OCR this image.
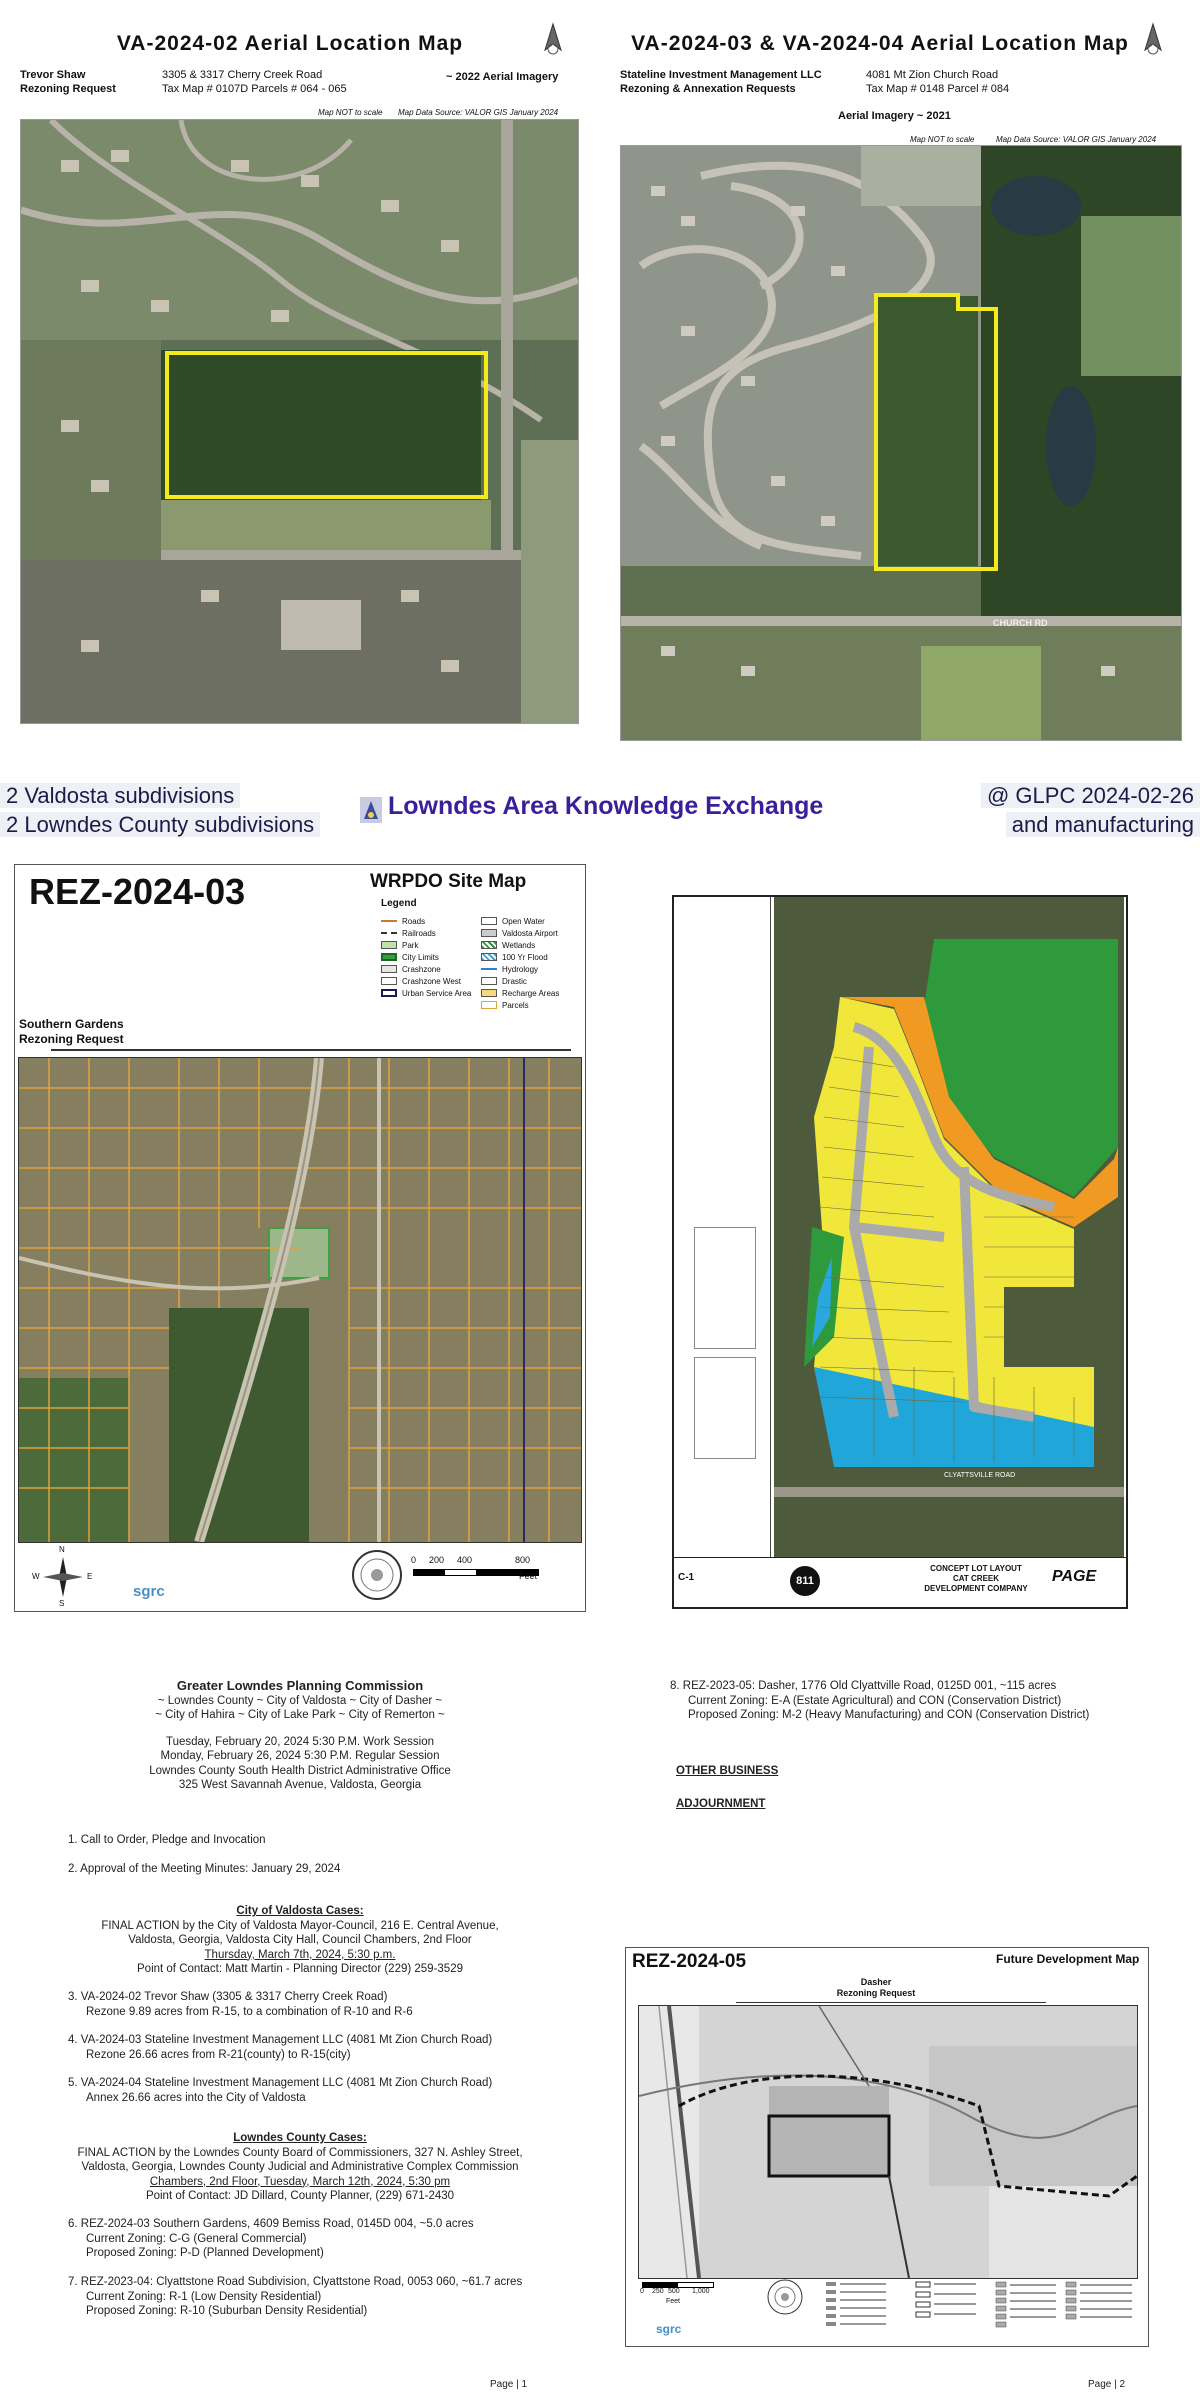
VA-2024-02 Aerial Location Map
Trevor Shaw
Rezoning Request
3305 & 3317 Cherry Creek Road
Tax Map # 0107D Parcels # 064 - 065
~ 2022 Aerial Imagery
Map NOT to scale Map Data Source: VALOR GIS January 2024
VA-2024-03 & VA-2024-04 Aerial Location Map
Stateline Investment Management LLC
Rezoning & Annexation Requests
4081 Mt Zion Church Road
Tax Map # 0148 Parcel # 084
Aerial Imagery ~ 2021
Map NOT to scale	Map Data Source: VALOR GIS January 2024
CHURCH RD
2 Valdosta subdivisions
2 Lowndes County subdivisions
Lowndes Area Knowledge Exchange	@ GLPC 2024-02-26
and manufacturing
REZ-2024-03	WRPDO Site Map
Legend
Roads
Railroads
Park
City Limits
Crashzone
Crashzone West
Urban Service Area
Open Water
Valdosta Airport
Wetlands
100 Yr Flood
Hydrology
Drastic
Recharge Areas
Parcels
Southern Gardens
Rezoning Request
N
S
E
W
sgrc
0 200 400	800
Feet
CLYATTSVILLE ROAD
C-1	811
CONCEPT LOT LAYOUT
CAT CREEK
DEVELOPMENT COMPANY
PAGE
Greater Lowndes Planning Commission
~ Lowndes County ~ City of Valdosta ~ City of Dasher ~
~ City of Hahira ~ City of Lake Park ~ City of Remerton ~
Tuesday, February 20, 2024 5:30 P.M. Work Session
Monday, February 26, 2024 5:30 P.M. Regular Session
Lowndes County South Health District Administrative Office
325 West Savannah Avenue, Valdosta, Georgia
1. Call to Order, Pledge and Invocation
2. Approval of the Meeting Minutes: January 29, 2024
City of Valdosta Cases:
FINAL ACTION by the City of Valdosta Mayor-Council, 216 E. Central Avenue,
Valdosta, Georgia, Valdosta City Hall, Council Chambers, 2nd Floor
Thursday, March 7th, 2024, 5:30 p.m.
Point of Contact: Matt Martin - Planning Director (229) 259-3529
3. VA-2024-02 Trevor Shaw (3305 & 3317 Cherry Creek Road)
Rezone 9.89 acres from R-15, to a combination of R-10 and R-6
4. VA-2024-03 Stateline Investment Management LLC (4081 Mt Zion Church Road)
Rezone 26.66 acres from R-21(county) to R-15(city)
5. VA-2024-04 Stateline Investment Management LLC (4081 Mt Zion Church Road)
Annex 26.66 acres into the City of Valdosta
Lowndes County Cases:
FINAL ACTION by the Lowndes County Board of Commissioners, 327 N. Ashley Street,
Valdosta, Georgia, Lowndes County Judicial and Administrative Complex Commission
Chambers, 2nd Floor, Tuesday, March 12th, 2024, 5:30 pm
Point of Contact: JD Dillard, County Planner, (229) 671-2430
6. REZ-2024-03 Southern Gardens, 4609 Bemiss Road, 0145D 004, ~5.0 acres
Current Zoning: C-G (General Commercial)
Proposed Zoning: P-D (Planned Development)
7. REZ-2023-04: Clyattstone Road Subdivision, Clyattstone Road, 0053 060, ~61.7 acres
Current Zoning: R-1 (Low Density Residential)
Proposed Zoning: R-10 (Suburban Density Residential)
Page | 1
8. REZ-2023-05: Dasher, 1776 Old Clyattville Road, 0125D 001, ~115 acres
Current Zoning: E-A (Estate Agricultural) and CON (Conservation District)
Proposed Zoning: M-2 (Heavy Manufacturing) and CON (Conservation District)
OTHER BUSINESS
ADJOURNMENT
REZ-2024-05	Future Development Map
Dasher
Rezoning Request
0 250 500 1,000
Feet
sgrc
Page | 2
